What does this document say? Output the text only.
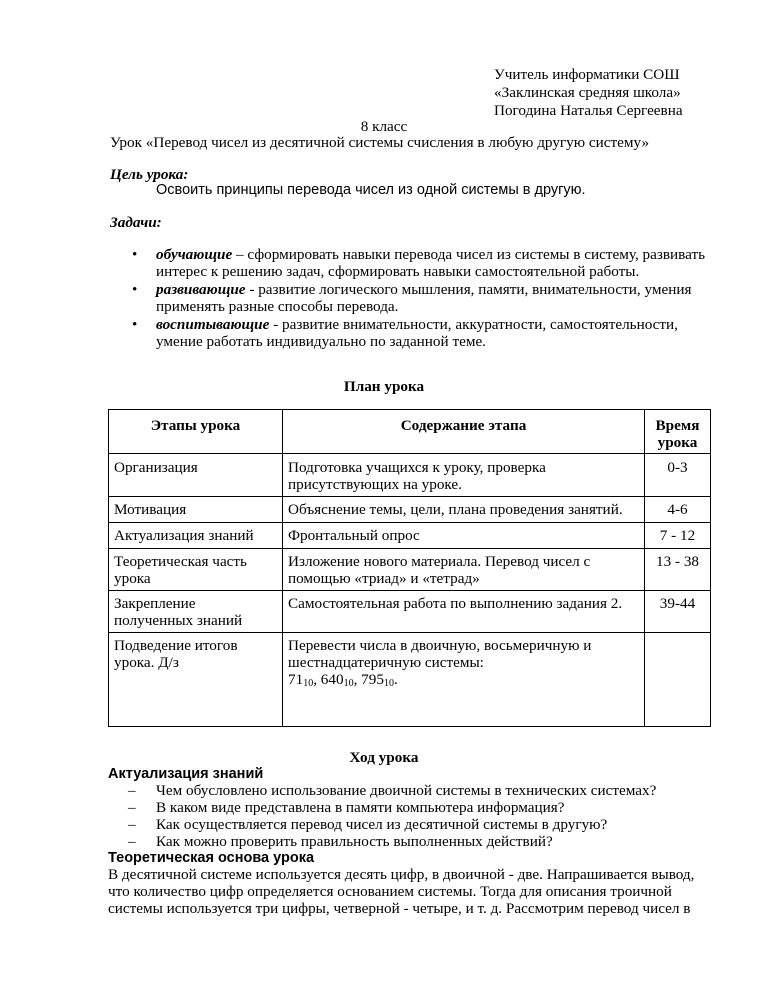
Учитель информатики СОШ
«Заклинская средняя школа»
Погодина Наталья Сергеевна
8 класс
Урок «Перевод чисел из десятичной системы счисления в любую другую систему»
Цель урока:
Освоить принципы перевода чисел из одной системы в другую.
Задачи:
• обучающие – сформировать навыки перевода чисел из системы в систему, развивать интерес к решению задач, сформировать навыки самостоятельной работы.
• развивающие - развитие логического мышления, памяти, внимательности, умения применять разные способы перевода.
• воспитывающие - развитие внимательности, аккуратности, самостоятельности, умение работать индивидуально по заданной теме.
План урока
Этапы урока	Содержание этапа	Время урока
Организация	Подготовка учащихся к уроку, проверка присутствующих на уроке.	0-3
Мотивация	Объяснение темы, цели, плана проведения занятий.	4-6
Актуализация знаний	Фронтальный опрос	7 - 12
Теоретическая часть урока	Изложение нового материала. Перевод чисел с помощью «триад» и «тетрад»	13 - 38
Закрепление полученных знаний	Самостоятельная работа по выполнению задания 2.	39-44
Подведение итогов урока. Д/з	Перевести числа в двоичную, восьмеричную и шестнадцатеричную системы:
$71_{10}$, $640_{10}$, $795_{10}$.	

Ход урока
Актуализация знаний
– Чем обусловлено использование двоичной системы в технических системах?
– В каком виде представлена в памяти компьютера информация?
– Как осуществляется перевод чисел из десятичной системы в другую?
– Как можно проверить правильность выполненных действий?
Теоретическая основа урока
В десятичной системе используется десять цифр, в двоичной - две. Напрашивается вывод, что количество цифр определяется основанием системы. Тогда для описания троичной системы используется три цифры, четверной - четыре, и т. д. Рассмотрим перевод чисел в
